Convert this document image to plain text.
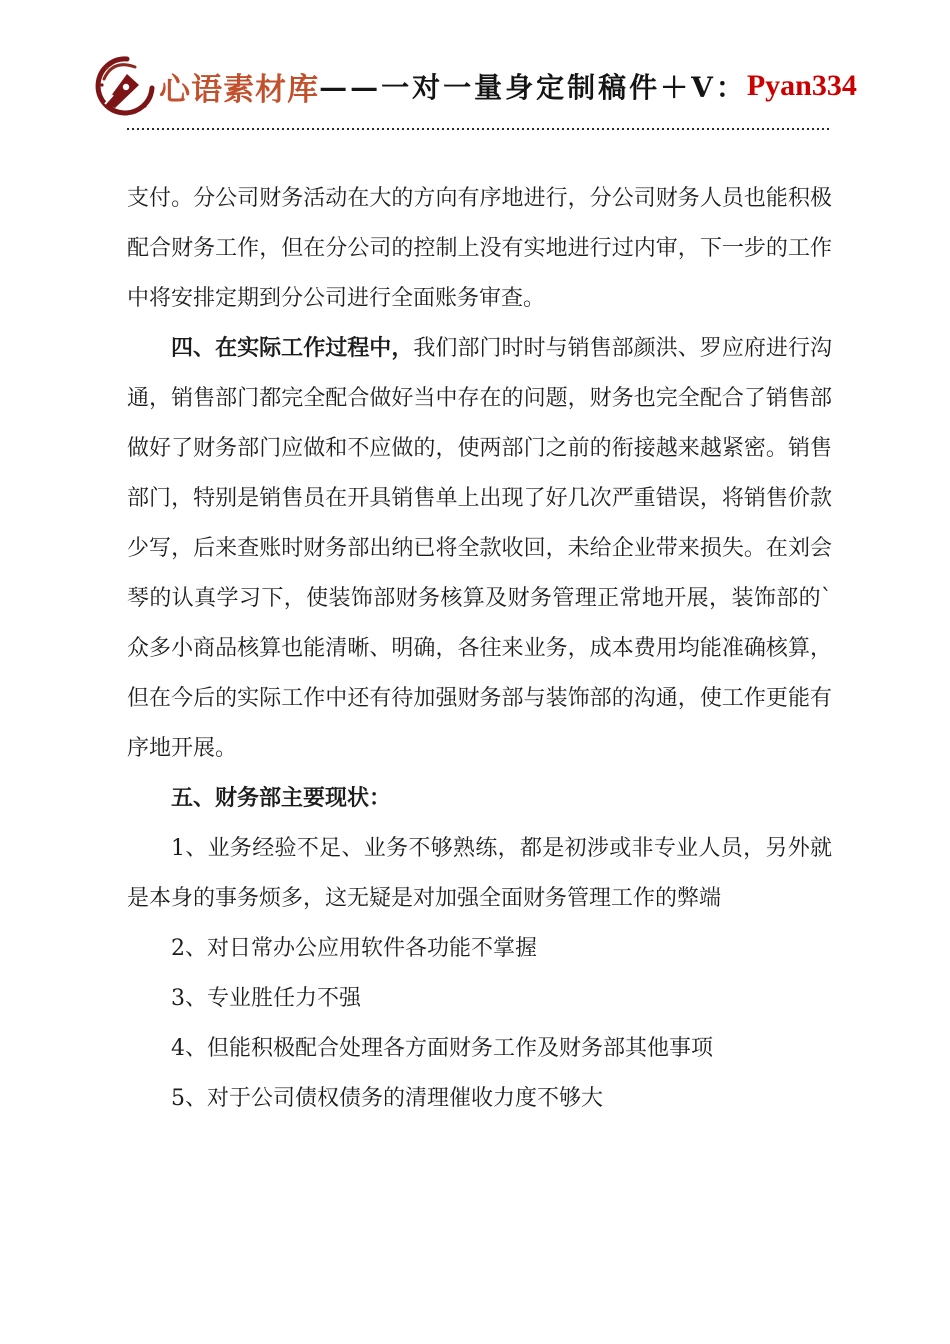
心语素材库 ——一对一量身定制稿件＋V： Pyan334

支付。分公司财务活动在大的方向有序地进行，分公司财务人员也能积极配合财务工作，但在分公司的控制上没有实地进行过内审，下一步的工作中将安排定期到分公司进行全面账务审查。

四、在实际工作过程中，我们部门时时与销售部颜洪、罗应府进行沟通，销售部门都完全配合做好当中存在的问题，财务也完全配合了销售部做好了财务部门应做和不应做的，使两部门之前的衔接越来越紧密。销售部门，特别是销售员在开具销售单上出现了好几次严重错误，将销售价款少写，后来查账时财务部出纳已将全款收回，未给企业带来损失。在刘会琴的认真学习下，使装饰部财务核算及财务管理正常地开展，装饰部的`众多小商品核算也能清晰、明确，各往来业务，成本费用均能准确核算，但在今后的实际工作中还有待加强财务部与装饰部的沟通，使工作更能有序地开展。

五、财务部主要现状：

1、业务经验不足、业务不够熟练，都是初涉或非专业人员，另外就是本身的事务烦多，这无疑是对加强全面财务管理工作的弊端

2、对日常办公应用软件各功能不掌握

3、专业胜任力不强

4、但能积极配合处理各方面财务工作及财务部其他事项

5、对于公司债权债务的清理催收力度不够大
